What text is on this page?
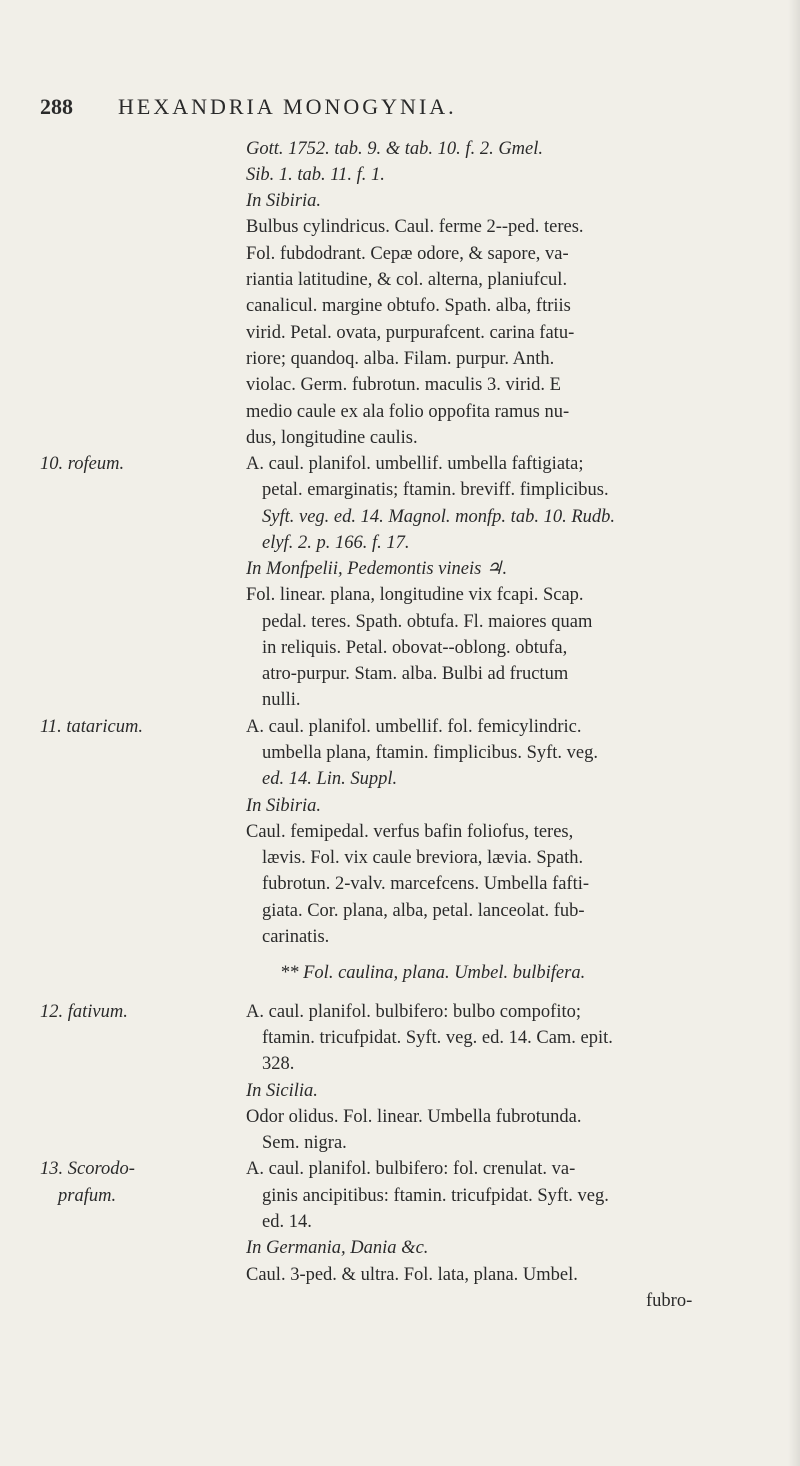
288 HEXANDRIA MONOGYNIA.
Gott. 1752. tab. 9. & tab. 10. f. 2. Gmel.
Sib. 1. tab. 11. f. 1.
In Sibiria.
Bulbus cylindricus. Caul. ferme 2--ped. teres.
Fol. fubdodrant. Cepæ odore, & sapore, va-
riantia latitudine, & col. alterna, planiufcul.
canalicul. margine obtufo. Spath. alba, ftriis
virid. Petal. ovata, purpurafcent. carina fatu-
riore; quandoq. alba. Filam. purpur. Anth.
violac. Germ. fubrotun. maculis 3. virid. E
medio caule ex ala folio oppofita ramus nu-
dus, longitudine caulis.
A. caul. planifol. umbellif. umbella faftigiata;
petal. emarginatis; ftamin. breviff. fimplicibus.
Syft. veg. ed. 14. Magnol. monfp. tab. 10. Rudb.
elyf. 2. p. 166. f. 17.
In Monfpelii, Pedemontis vineis ♃.
Fol. linear. plana, longitudine vix fcapi. Scap.
pedal. teres. Spath. obtufa. Fl. maiores quam
in reliquis. Petal. obovat--oblong. obtufa,
atro-purpur. Stam. alba. Bulbi ad fructum
nulli.
A. caul. planifol. umbellif. fol. femicylindric.
umbella plana, ftamin. fimplicibus. Syft. veg.
ed. 14. Lin. Suppl.
In Sibiria.
Caul. femipedal. verfus bafin foliofus, teres,
lævis. Fol. vix caule breviora, lævia. Spath.
fubrotun. 2-valv. marcefcens. Umbella fafti-
giata. Cor. plana, alba, petal. lanceolat. fub-
carinatis.
** Fol. caulina, plana. Umbel. bulbifera.
A. caul. planifol. bulbifero: bulbo compofito;
ftamin. tricufpidat. Syft. veg. ed. 14. Cam. epit.
328.
In Sicilia.
Odor olidus. Fol. linear. Umbella fubrotunda.
Sem. nigra.
A. caul. planifol. bulbifero: fol. crenulat. va-
ginis ancipitibus: ftamin. tricufpidat. Syft. veg.
ed. 14.
In Germania, Dania &c.
Caul. 3-ped. & ultra. Fol. lata, plana. Umbel.
fubro-
10. rofeum.
11. tataricum.
12. fativum.
13. Scorodo-
prafum.
